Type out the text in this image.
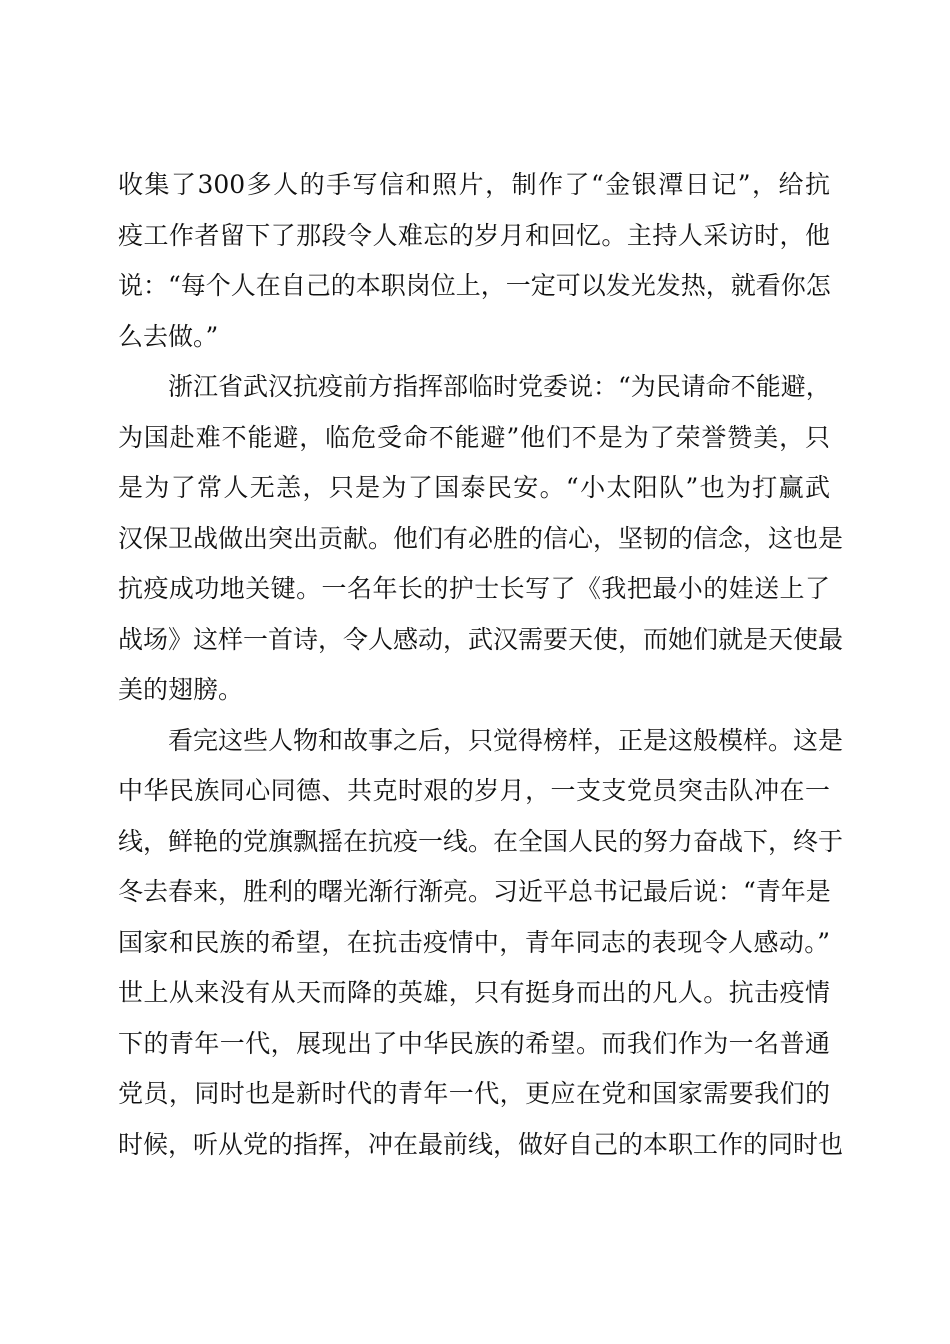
收集了300多人的手写信和照片，制作了“金银潭日记”，给抗
疫工作者留下了那段令人难忘的岁月和回忆。主持人采访时，他
说：“每个人在自己的本职岗位上，一定可以发光发热，就看你怎
么去做。”
浙江省武汉抗疫前方指挥部临时党委说：“为民请命不能避，
为国赴难不能避，临危受命不能避”他们不是为了荣誉赞美，只
是为了常人无恙，只是为了国泰民安。“小太阳队”也为打赢武
汉保卫战做出突出贡献。他们有必胜的信心，坚韧的信念，这也是
抗疫成功地关键。一名年长的护士长写了《我把最小的娃送上了
战场》这样一首诗，令人感动，武汉需要天使，而她们就是天使最
美的翅膀。
看完这些人物和故事之后，只觉得榜样，正是这般模样。这是
中华民族同心同德、共克时艰的岁月，一支支党员突击队冲在一
线，鲜艳的党旗飘摇在抗疫一线。在全国人民的努力奋战下，终于
冬去春来，胜利的曙光渐行渐亮。习近平总书记最后说：“青年是
国家和民族的希望，在抗击疫情中，青年同志的表现令人感动。”
世上从来没有从天而降的英雄，只有挺身而出的凡人。抗击疫情
下的青年一代，展现出了中华民族的希望。而我们作为一名普通
党员，同时也是新时代的青年一代，更应在党和国家需要我们的
时候，听从党的指挥，冲在最前线，做好自己的本职工作的同时也
